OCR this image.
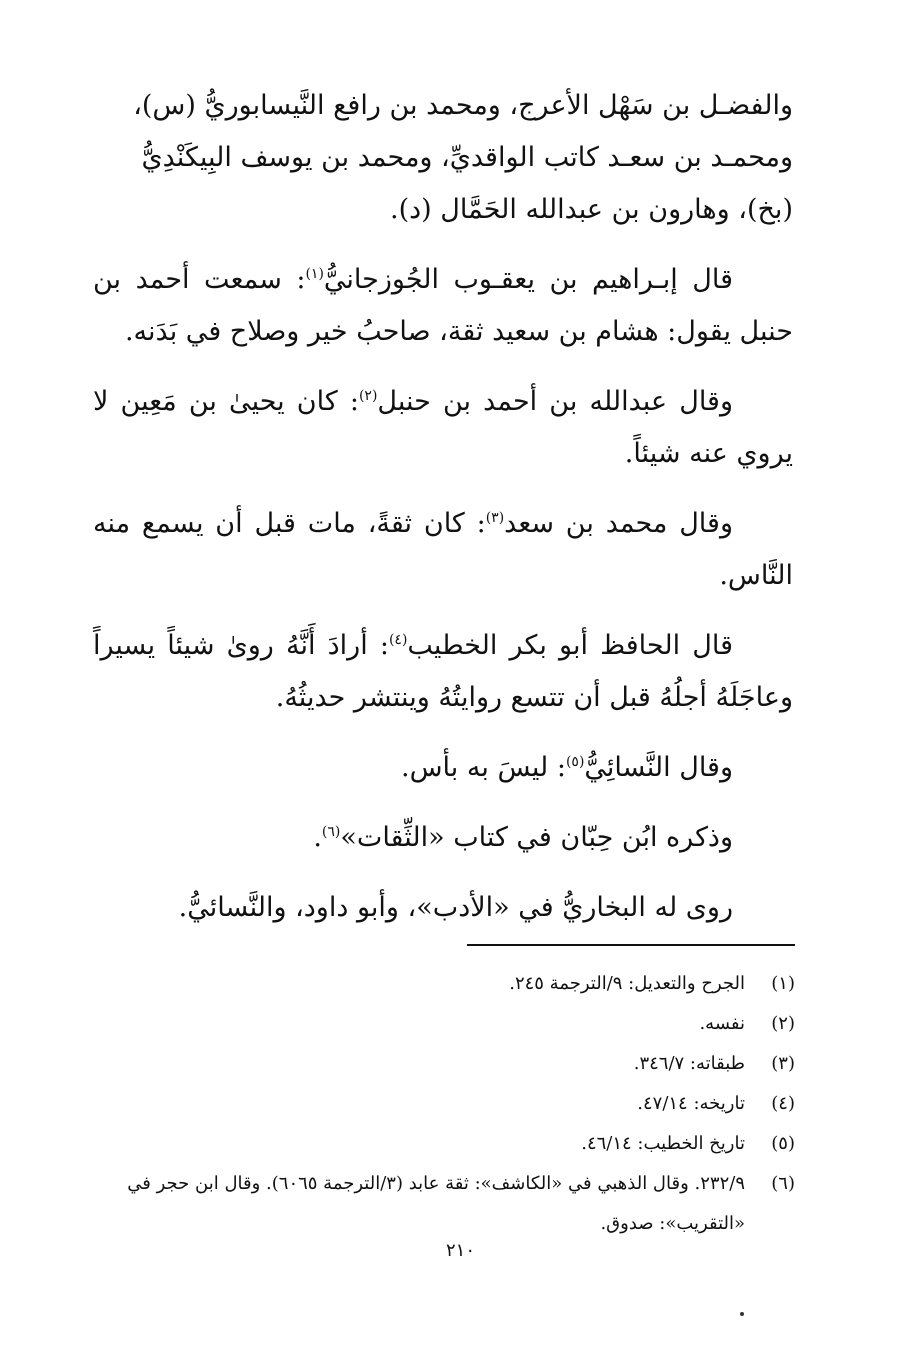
والفضـل بن سَهْل الأعرج، ومحمد بن رافع النَّيسابوريُّ (س)،
ومحمـد بن سعـد كاتب الواقديِّ، ومحمد بن يوسف البِيكَنْدِيُّ
(بخ)، وهارون بن عبدالله الحَمَّال (د).

قال إبـراهيم بن يعقـوب الجُوزجانيُّ$^{(١)}$: سمعت أحمد بن حنبل يقول: هشام بن سعيد ثقة، صاحبُ خير وصلاح في بَدَنه.

وقال عبدالله بن أحمد بن حنبل$^{(٢)}$: كان يحيىٰ بن مَعِين لا يروي عنه شيئاً.

وقال محمد بن سعد$^{(٣)}$: كان ثقةً، مات قبل أن يسمع منه النَّاس.

قال الحافظ أبو بكر الخطيب$^{(٤)}$: أرادَ أَنَّهُ روىٰ شيئاً يسيراً وعاجَلَهُ أجلُهُ قبل أن تتسع روايتُهُ وينتشر حديثُهُ.

وقال النَّسائِيُّ$^{(٥)}$: ليسَ به بأس.

وذكره ابُن حِبّان في كتاب «الثِّقات»$^{(٦)}$.

روى له البخاريُّ في «الأدب»، وأبو داود، والنَّسائيُّ.

(١)
الجرح والتعديل: ٩/الترجمة ٢٤٥.
(٢)
نفسه.
(٣)
طبقاته: ٣٤٦/٧.
(٤)
تاريخه: ٤٧/١٤.
(٥)
تاريخ الخطيب: ٤٦/١٤.
(٦)
٢٣٢/٩. وقال الذهبي في «الكاشف»: ثقة عابد (٣/الترجمة ٦٠٦٥). وقال ابن حجر في «التقريب»: صدوق.
٢١٠
